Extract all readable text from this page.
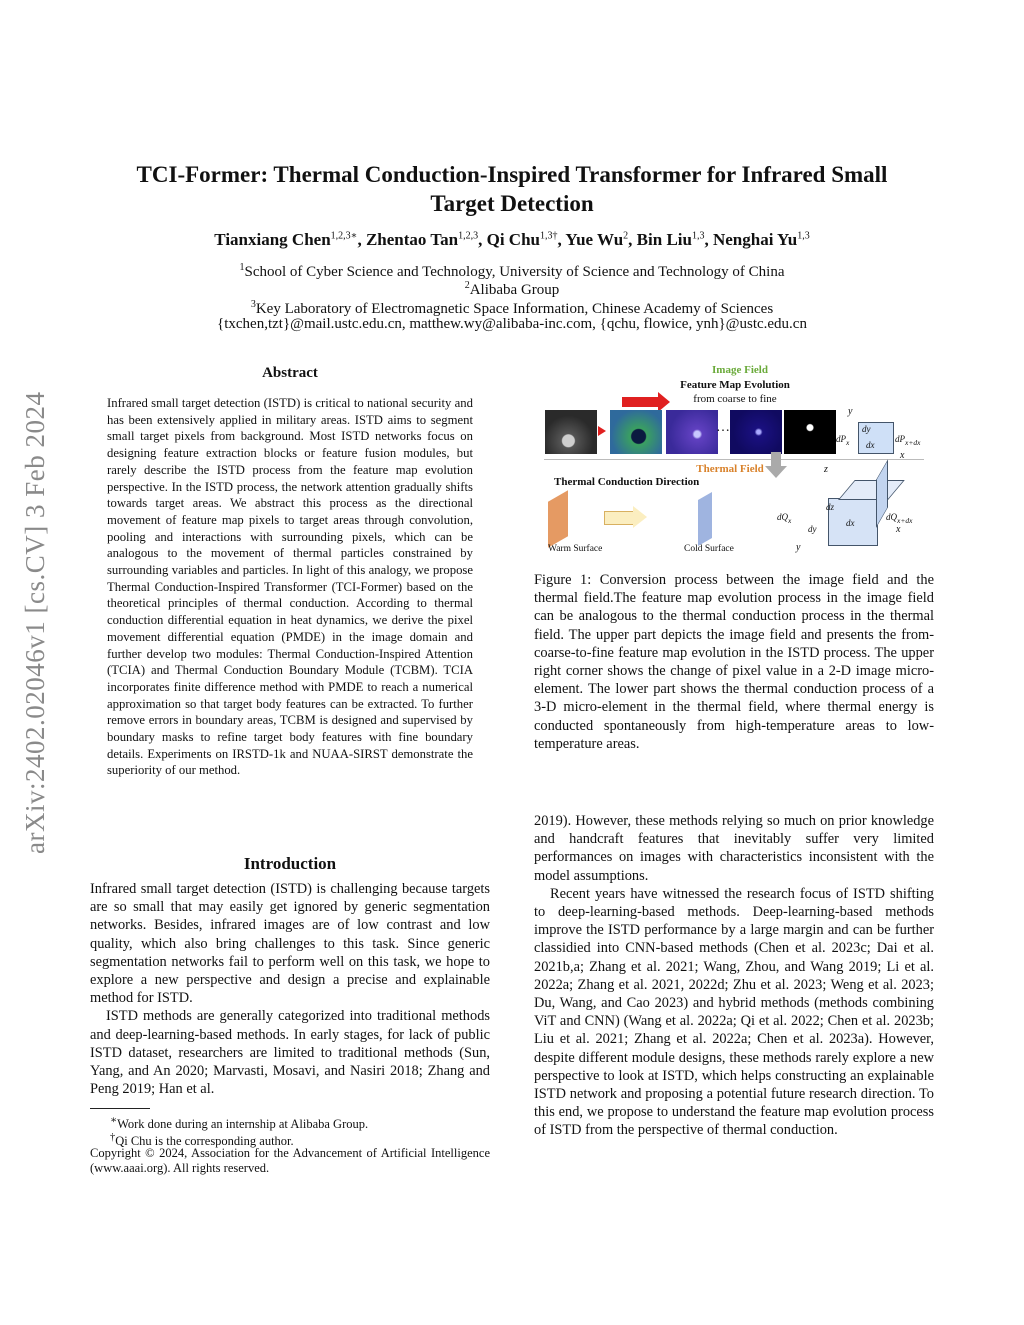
arXiv:2402.02046v1 [cs.CV] 3 Feb 2024
TCI-Former: Thermal Conduction-Inspired Transformer for Infrared Small
Target Detection
Tianxiang Chen$^{1,2,3∗}$, Zhentao Tan$^{1,2,3}$, Qi Chu$^{1,3\dagger}$, Yue Wu$^2$, Bin Liu$^{1,3}$, Nenghai Yu$^{1,3}$
$^1$School of Cyber Science and Technology, University of Science and Technology of China
$^2$Alibaba Group
$^3$Key Laboratory of Electromagnetic Space Information, Chinese Academy of Sciences
{txchen,tzt}@mail.ustc.edu.cn, matthew.wy@alibaba-inc.com, {qchu, flowice, ynh}@ustc.edu.cn
Abstract
Infrared small target detection (ISTD) is critical to national security and has been extensively applied in military areas. ISTD aims to segment small target pixels from background. Most ISTD networks focus on designing feature extraction blocks or feature fusion modules, but rarely describe the ISTD process from the feature map evolution perspective. In the ISTD process, the network attention gradually shifts towards target areas. We abstract this process as the directional movement of feature map pixels to target areas through convolution, pooling and interactions with surrounding pixels, which can be analogous to the movement of thermal particles constrained by surrounding variables and particles. In light of this analogy, we propose Thermal Conduction-Inspired Transformer (TCI-Former) based on the theoretical principles of thermal conduction. According to thermal conduction differential equation in heat dynamics, we derive the pixel movement differential equation (PMDE) in the image domain and further develop two modules: Thermal Conduction-Inspired Attention (TCIA) and Thermal Conduction Boundary Module (TCBM). TCIA incorporates finite difference method with PMDE to reach a numerical approximation so that target body features can be extracted. To further remove errors in boundary areas, TCBM is designed and supervised by boundary masks to refine target body features with fine boundary details. Experiments on IRSTD-1k and NUAA-SIRST demonstrate the superiority of our method.
Introduction

Infrared small target detection (ISTD) is challenging because targets are so small that may easily get ignored by generic segmentation networks. Besides, infrared images are of low contrast and low quality, which also bring challenges to this task. Since generic segmentation networks fail to perform well on this task, we hope to explore a new perspective and design a precise and explainable method for ISTD.

ISTD methods are generally categorized into traditional methods and deep-learning-based methods. In early stages, for lack of public ISTD dataset, researchers are limited to traditional methods (Sun, Yang, and An 2020; Marvasti, Mosavi, and Nasiri 2018; Zhang and Peng 2019; Han et al.

∗Work done during an internship at Alibaba Group.
†Qi Chu is the corresponding author.
Copyright © 2024, Association for the Advancement of Artificial Intelligence (www.aaai.org). All rights reserved.
Image Field
Feature Map Evolution
from coarse to fine
…
y
dy
dx
$dP_x$	$dP_{x+dx}$
x
Thermal Field
Thermal Conduction Direction
Warm Surface	Cold Surface
z
dz
dx
dy
$dQ_x$	$dQ_{x+dx}$
x
y
Figure 1: Conversion process between the image field and the thermal field.The feature map evolution process in the image field can be analogous to the thermal conduction process in the thermal field. The upper part depicts the image field and presents the from-coarse-to-fine feature map evolution in the ISTD process. The upper right corner shows the change of pixel value in a 2-D image micro-element. The lower part shows the thermal conduction process of a 3-D micro-element in the thermal field, where thermal energy is conducted spontaneously from high-temperature areas to low-temperature areas.

2019). However, these methods relying so much on prior knowledge and handcraft features that inevitably suffer very limited performances on images with characteristics inconsistent with the model assumptions.

Recent years have witnessed the research focus of ISTD shifting to deep-learning-based methods. Deep-learning-based methods improve the ISTD performance by a large margin and can be further classidied into CNN-based methods (Chen et al. 2023c; Dai et al. 2021b,a; Zhang et al. 2021; Wang, Zhou, and Wang 2019; Li et al. 2022a; Zhang et al. 2021, 2022d; Zhu et al. 2023; Weng et al. 2023; Du, Wang, and Cao 2023) and hybrid methods (methods combining ViT and CNN) (Wang et al. 2022a; Qi et al. 2022; Chen et al. 2023b; Liu et al. 2021; Zhang et al. 2022a; Chen et al. 2023a). However, despite different module designs, these methods rarely explore a new perspective to look at ISTD, which helps constructing an explainable ISTD network and proposing a potential future research direction. To this end, we propose to understand the feature map evolution process of ISTD from the perspective of thermal conduction.
